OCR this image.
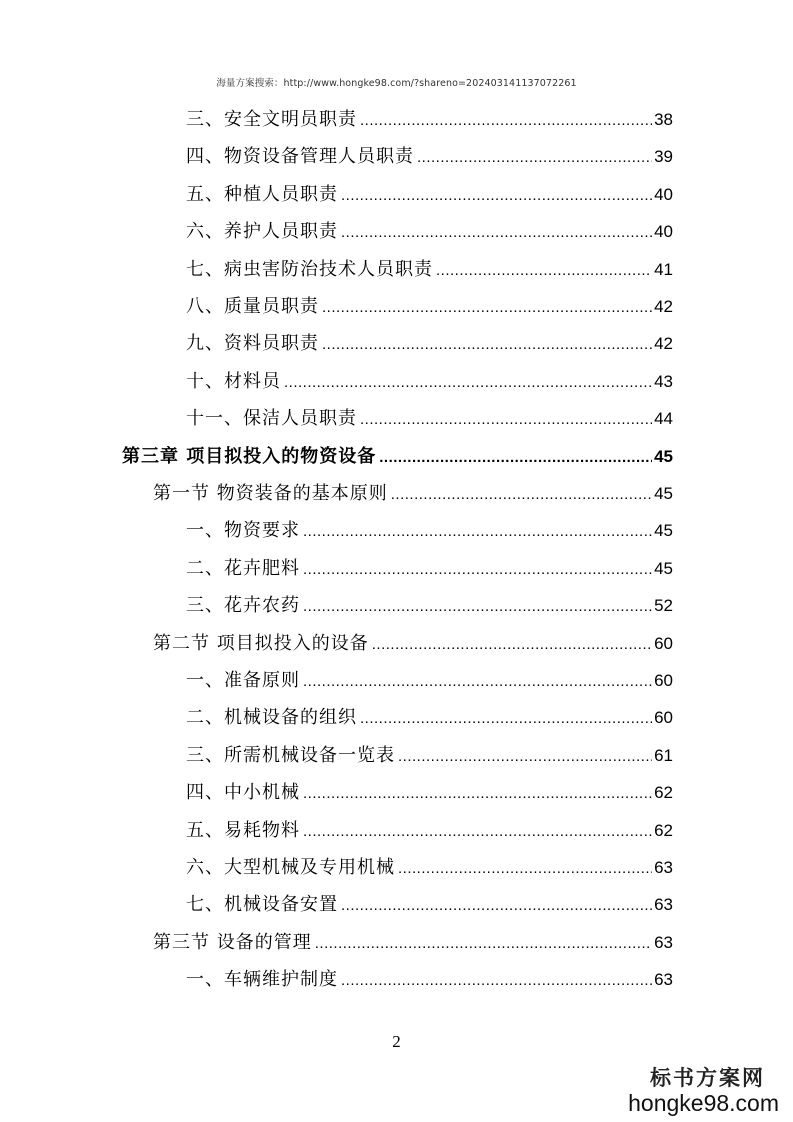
海量方案搜索：http://www.hongke98.com/?shareno=202403141137072261
三、安全文明员职责 .....	38
四、物资设备管理人员职责 .....	39
五、种植人员职责 .....	40
六、养护人员职责 .....	40
七、病虫害防治技术人员职责 .....	41
八、质量员职责 .....	42
九、资料员职责 .....	42
十、材料员 .....	43
十一、保洁人员职责 .....	44
第三章 项目拟投入的物资设备 .....	45
第一节 物资装备的基本原则 .....	45
一、物资要求 .....	45
二、花卉肥料 .....	45
三、花卉农药 .....	52
第二节 项目拟投入的设备 .....	60
一、准备原则 .....	60
二、机械设备的组织 .....	60
三、所需机械设备一览表 .....	61
四、中小机械 .....	62
五、易耗物料 .....	62
六、大型机械及专用机械 .....	63
七、机械设备安置 .....	63
第三节 设备的管理 .....	63
一、车辆维护制度 .....	63
2
标书方案网
hongke98.com
